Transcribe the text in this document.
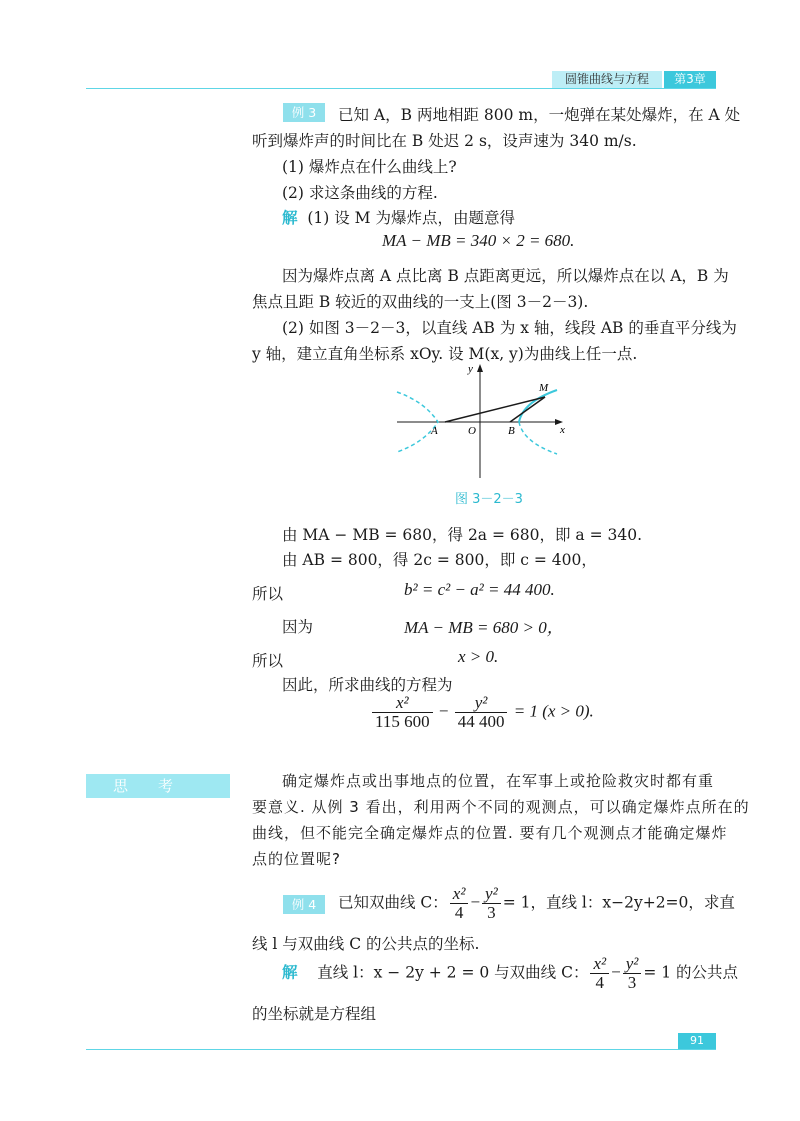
圆锥曲线与方程	第3章
例 3	已知 A，B 两地相距 800 m，一炮弹在某处爆炸，在 A 处
听到爆炸声的时间比在 B 处迟 2 s，设声速为 340 m/s.
(1) 爆炸点在什么曲线上?
(2) 求这条曲线的方程.
解 (1) 设 M 为爆炸点，由题意得
MA − MB = 340 × 2 = 680.
因为爆炸点离 A 点比离 B 点距离更远，所以爆炸点在以 A，B 为
焦点且距 B 较近的双曲线的一支上(图 3－2－3).
(2) 如图 3－2－3，以直线 AB 为 x 轴，线段 AB 的垂直平分线为
y 轴，建立直角坐标系 xOy. 设 M(x, y)为曲线上任一点.
y
x
M
A	O	B
图 3－2－3
由 MA − MB = 680，得 2a = 680，即 a = 340.
由 AB = 800，得 2c = 800，即 c = 400，
所以	b² = c² − a² = 44 400.
因为	MA − MB = 680 > 0，
所以	x > 0.
因此，所求曲线的方程为
$\frac{\text{x²}}{115 600} - \frac{\text{y²}}{44 400} = 1$ (x > 0).
思考	确定爆炸点或出事地点的位置，在军事上或抢险救灾时都有重
要意义. 从例 3 看出，利用两个不同的观测点，可以确定爆炸点所在的
曲线，但不能完全确定爆炸点的位置. 要有几个观测点才能确定爆炸
点的位置呢?
例 4	已知双曲线 C： $\frac{\text{x²}}{4} - \frac{\text{y²}}{3} = 1$，直线 l：x−2y+2=0，求直
线 l 与双曲线 C 的公共点的坐标.
解 直线 l：x − 2y + 2 = 0 与双曲线 C： $\frac{\text{x²}}{4} - \frac{\text{y²}}{3} = 1$ 的公共点
的坐标就是方程组
91
